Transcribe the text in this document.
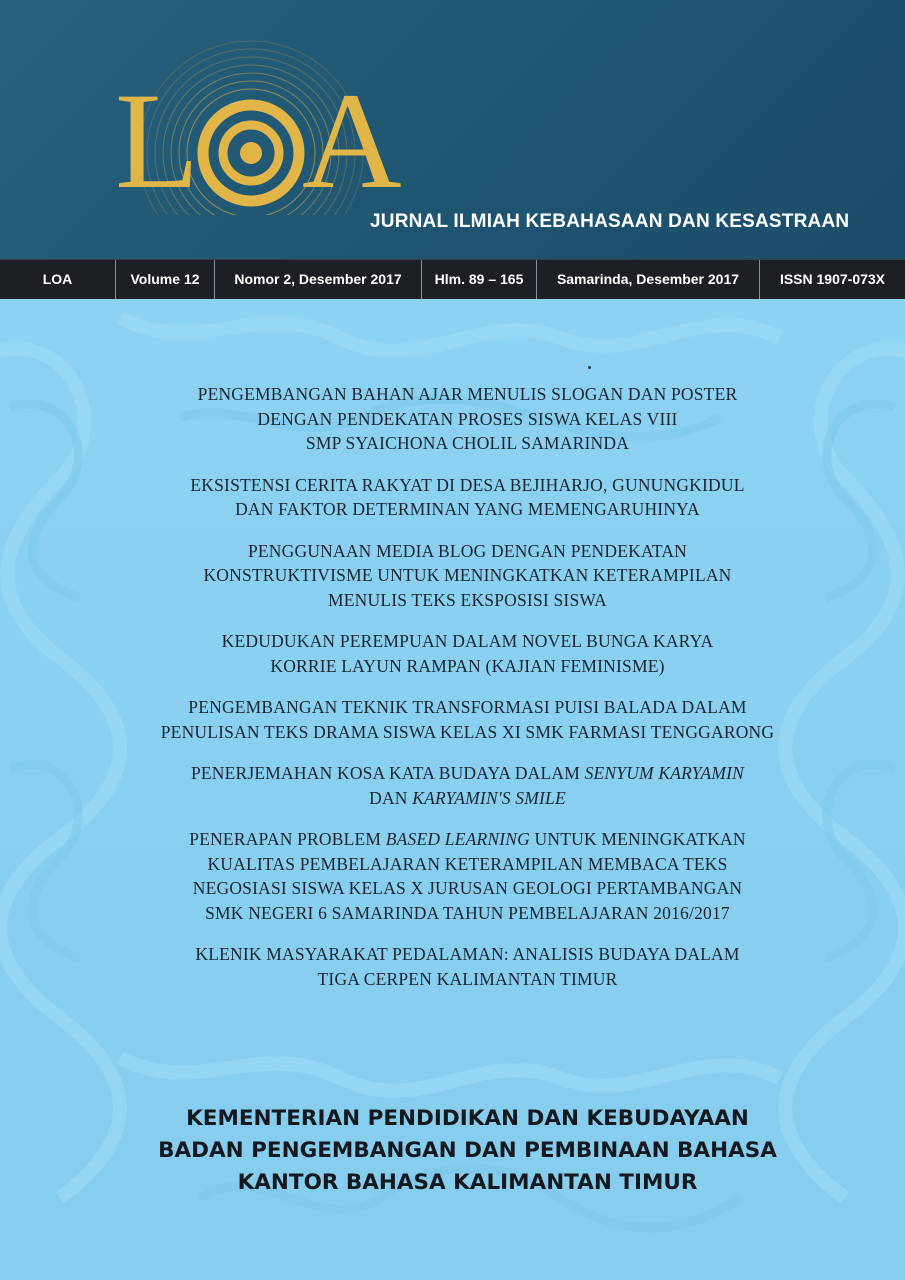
L A
JURNAL ILMIAH KEBAHASAAN DAN KESASTRAAN
LOA	Volume 12	Nomor 2, Desember 2017	Hlm. 89 – 165	Samarinda, Desember 2017	ISSN 1907-073X
PENGEMBANGAN BAHAN AJAR MENULIS SLOGAN DAN POSTER
DENGAN PENDEKATAN PROSES SISWA KELAS VIII
SMP SYAICHONA CHOLIL SAMARINDA
EKSISTENSI CERITA RAKYAT DI DESA BEJIHARJO, GUNUNGKIDUL
DAN FAKTOR DETERMINAN YANG MEMENGARUHINYA
PENGGUNAAN MEDIA BLOG DENGAN PENDEKATAN
KONSTRUKTIVISME UNTUK MENINGKATKAN KETERAMPILAN
MENULIS TEKS EKSPOSISI SISWA
KEDUDUKAN PEREMPUAN DALAM NOVEL BUNGA KARYA
KORRIE LAYUN RAMPAN (KAJIAN FEMINISME)
PENGEMBANGAN TEKNIK TRANSFORMASI PUISI BALADA DALAM
PENULISAN TEKS DRAMA SISWA KELAS XI SMK FARMASI TENGGARONG
PENERJEMAHAN KOSA KATA BUDAYA DALAM SENYUM KARYAMIN
DAN KARYAMIN'S SMILE
PENERAPAN PROBLEM BASED LEARNING UNTUK MENINGKATKAN
KUALITAS PEMBELAJARAN KETERAMPILAN MEMBACA TEKS
NEGOSIASI SISWA KELAS X JURUSAN GEOLOGI PERTAMBANGAN
SMK NEGERI 6 SAMARINDA TAHUN PEMBELAJARAN 2016/2017
KLENIK MASYARAKAT PEDALAMAN: ANALISIS BUDAYA DALAM
TIGA CERPEN KALIMANTAN TIMUR
KEMENTERIAN PENDIDIKAN DAN KEBUDAYAAN
BADAN PENGEMBANGAN DAN PEMBINAAN BAHASA
KANTOR BAHASA KALIMANTAN TIMUR
